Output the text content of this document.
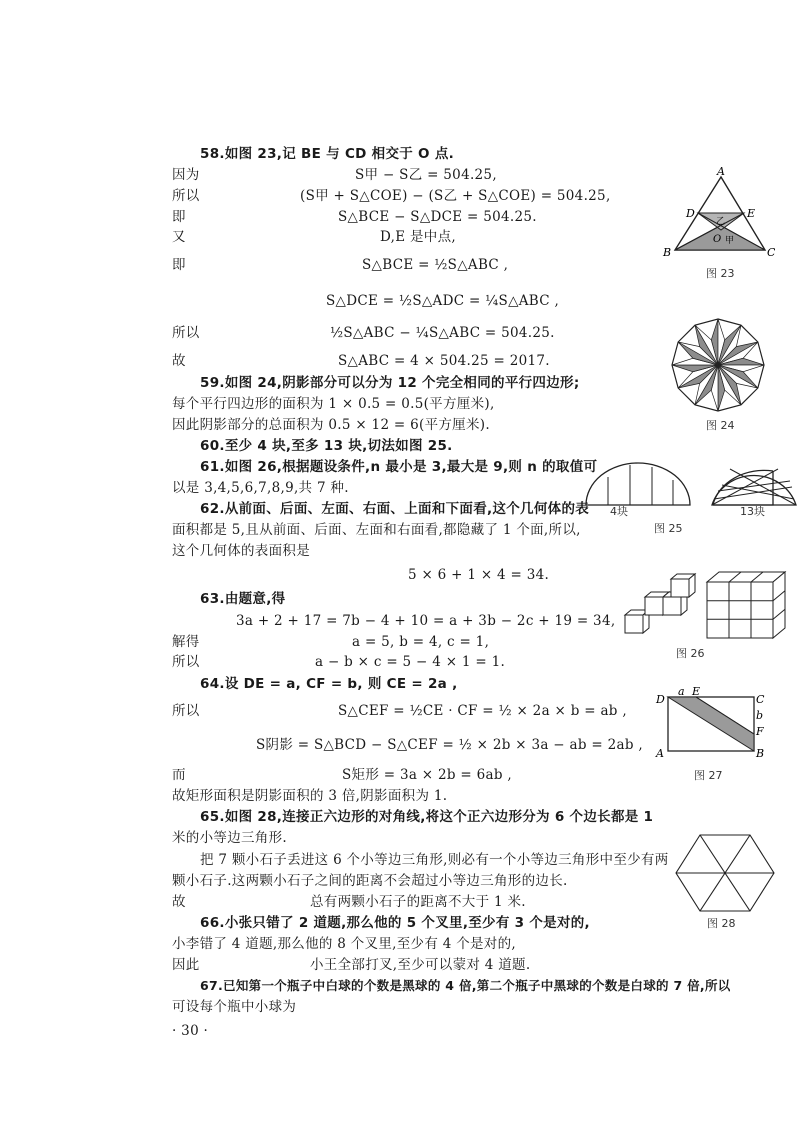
58.如图 23,记 BE 与 CD 相交于 O 点.
因为	S甲 − S乙 = 504.25,
所以	(S甲 + S△COE) − (S乙 + S△COE) = 504.25,
即	S△BCE − S△DCE = 504.25.
又	D,E 是中点,
即	S△BCE = ½S△ABC ,
S△DCE = ½S△ADC = ¼S△ABC ,
所以	½S△ABC − ¼S△ABC = 504.25.
故	S△ABC = 4 × 504.25 = 2017.
59.如图 24,阴影部分可以分为 12 个完全相同的平行四边形;
每个平行四边形的面积为 1 × 0.5 = 0.5(平方厘米),
因此阴影部分的总面积为 0.5 × 12 = 6(平方厘米).
60.至少 4 块,至多 13 块,切法如图 25.
61.如图 26,根据题设条件,n 最小是 3,最大是 9,则 n 的取值可
以是 3,4,5,6,7,8,9,共 7 种.
62.从前面、后面、左面、右面、上面和下面看,这个几何体的表
面积都是 5,且从前面、后面、左面和右面看,都隐藏了 1 个面,所以,
这个几何体的表面积是
5 × 6 + 1 × 4 = 34.
63.由题意,得
3a + 2 + 17 = 7b − 4 + 10 = a + 3b − 2c + 19 = 34,
解得	a = 5, b = 4, c = 1,
所以	a − b × c = 5 − 4 × 1 = 1.
64.设 DE = a, CF = b, 则 CE = 2a ,
所以	S△CEF = ½CE · CF = ½ × 2a × b = ab ,
S阴影 = S△BCD − S△CEF = ½ × 2b × 3a − ab = 2ab ,
而	S矩形 = 3a × 2b = 6ab ,
故矩形面积是阴影面积的 3 倍,阴影面积为 1.
65.如图 28,连接正六边形的对角线,将这个正六边形分为 6 个边长都是 1
米的小等边三角形.
把 7 颗小石子丢进这 6 个小等边三角形,则必有一个小等边三角形中至少有两
颗小石子.这两颗小石子之间的距离不会超过小等边三角形的边长.
故	总有两颗小石子的距离不大于 1 米.
66.小张只错了 2 道题,那么他的 5 个叉里,至少有 3 个是对的,
小李错了 4 道题,那么他的 8 个叉里,至少有 4 个是对的,
因此	小王全部打叉,至少可以蒙对 4 道题.
67.已知第一个瓶子中白球的个数是黑球的 4 倍,第二个瓶子中黑球的个数是白球的 7 倍,所以
可设每个瓶中小球为
· 30 ·
A
B	C
D	E
O
乙
甲
图 23
图 24
4块	13块
图 25
图 26
D
A	B
C
E
F
a
b
图 27
图 28
